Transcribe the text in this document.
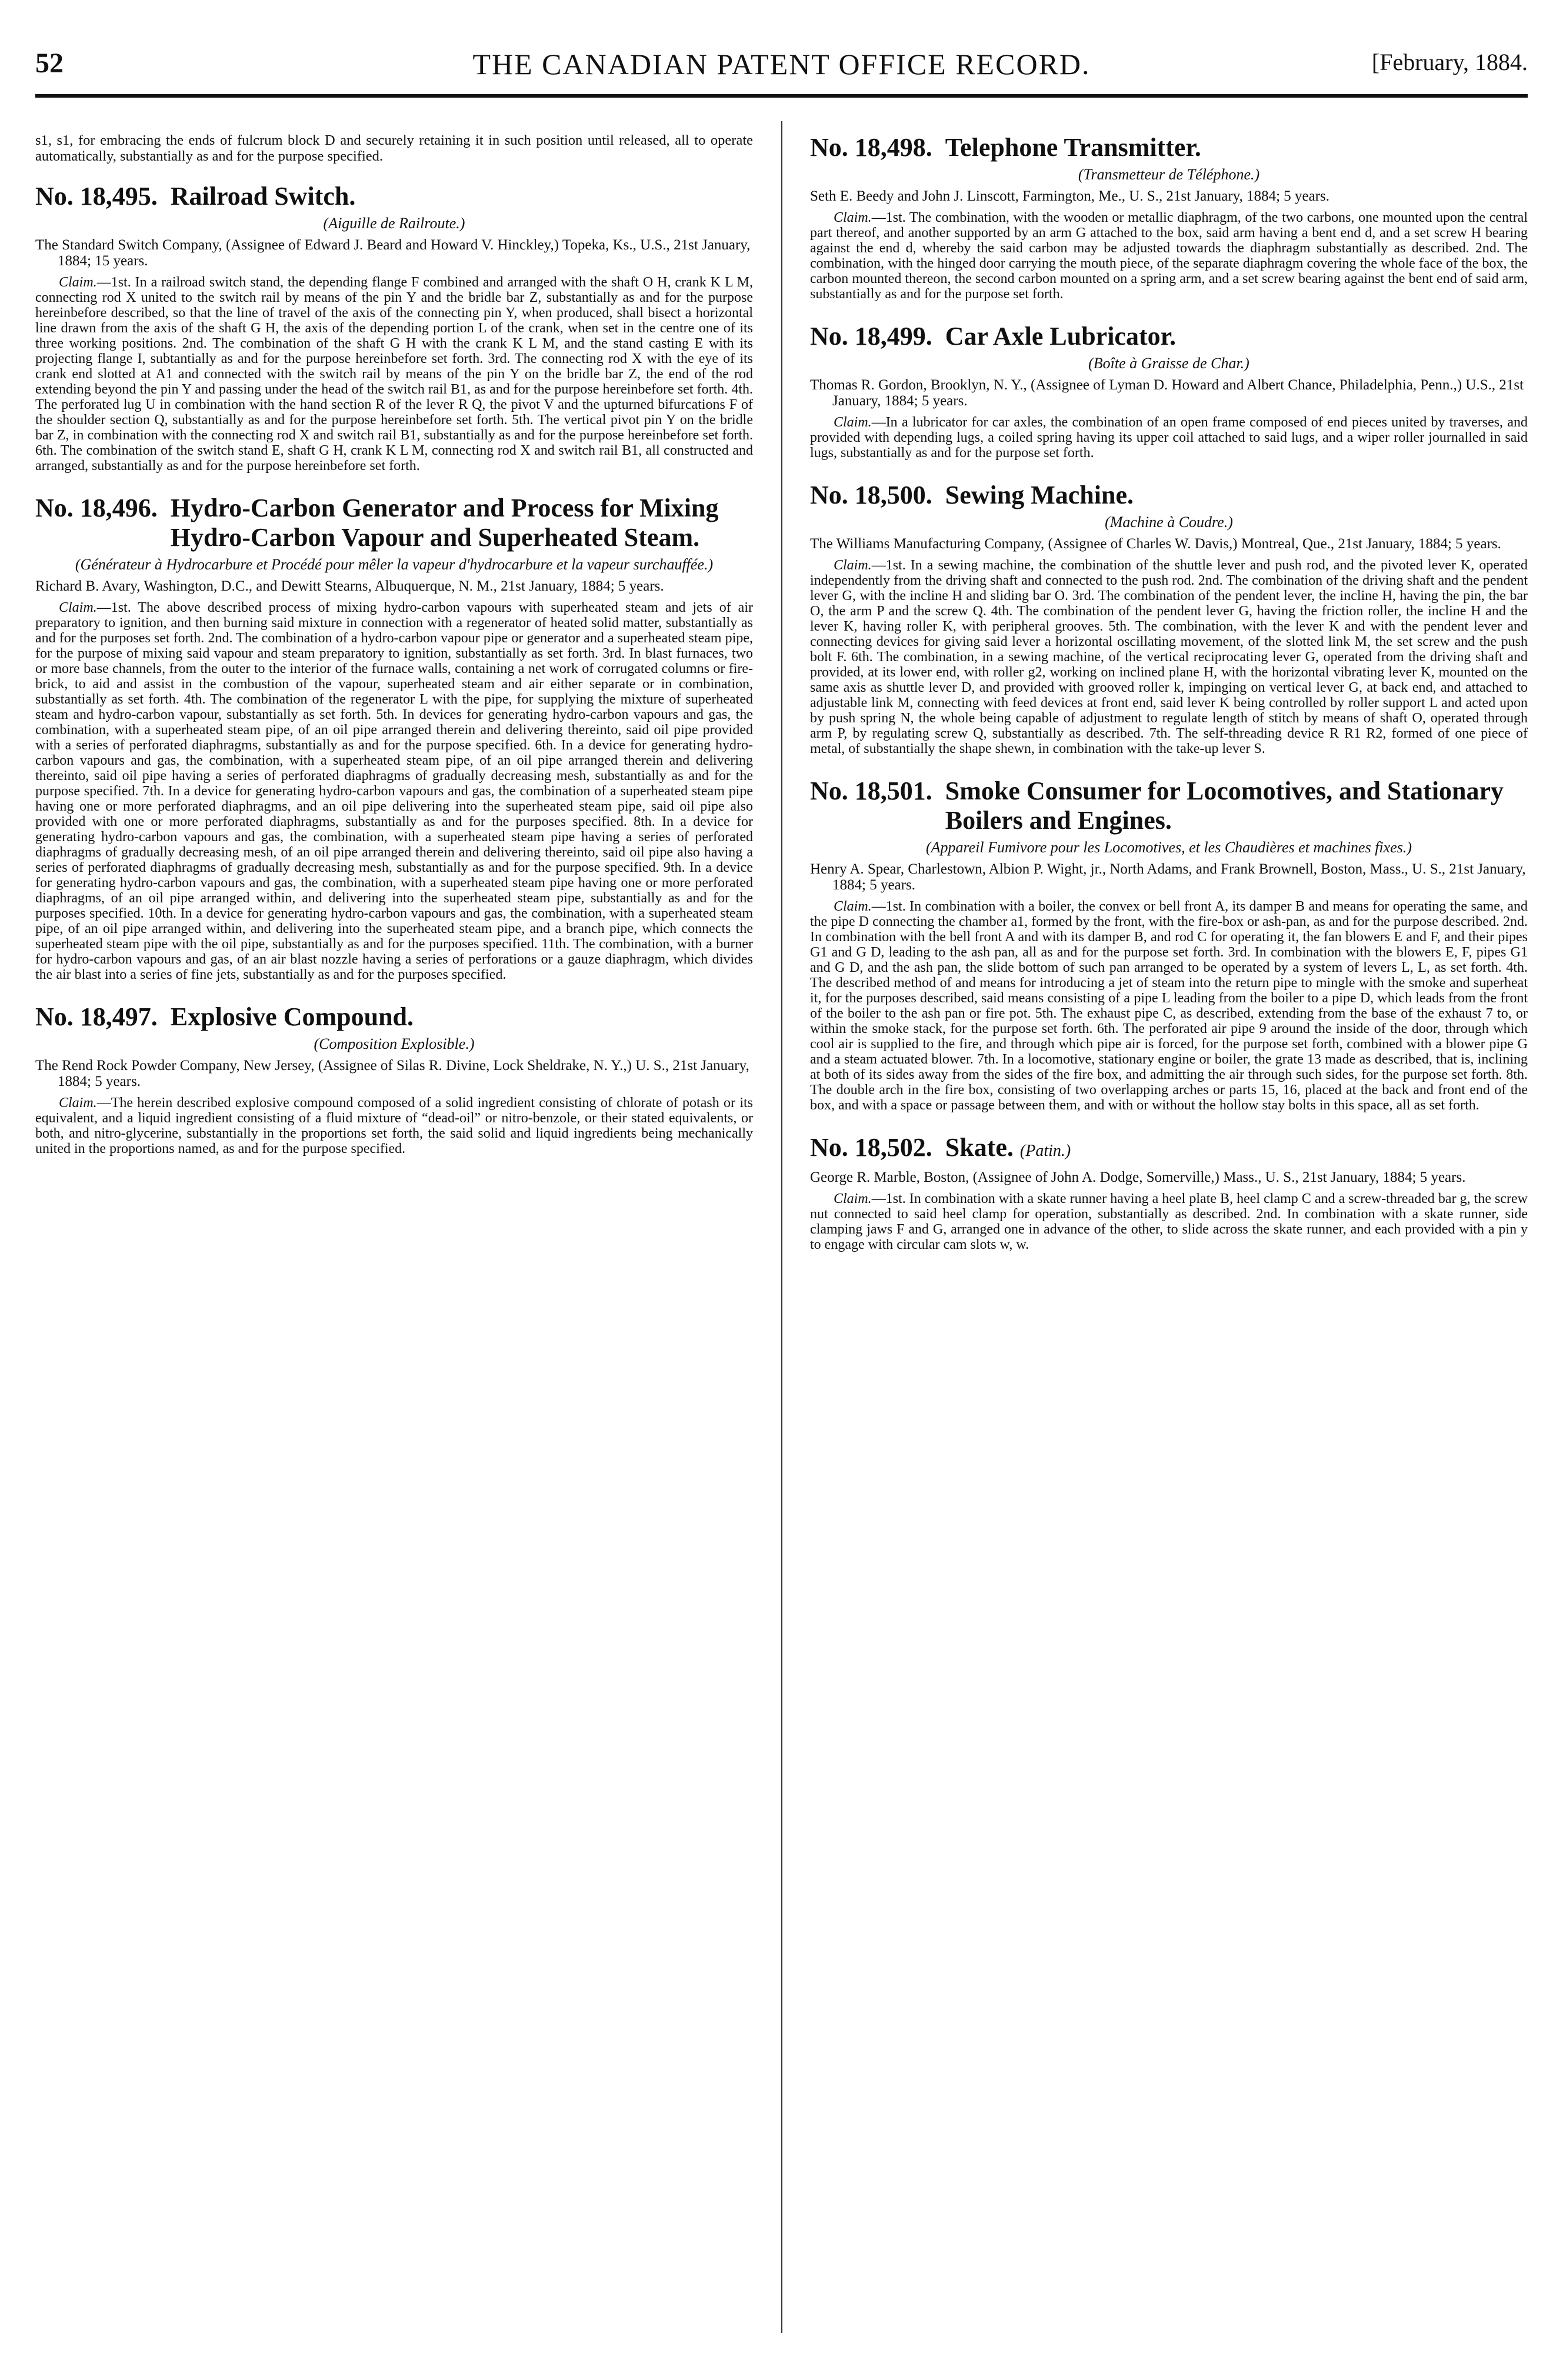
52	THE CANADIAN PATENT OFFICE RECORD.	[February, 1884.

s1, s1, for embracing the ends of fulcrum block D and securely retaining it in such position until released, all to operate automatically, substantially as and for the purpose specified.

No. 18,495. Railroad Switch.
(Aiguille de Railroute.)

The Standard Switch Company, (Assignee of Edward J. Beard and Howard V. Hinckley,) Topeka, Ks., U.S., 21st January, 1884; 15 years.

Claim.—1st. In a railroad switch stand, the depending flange F combined and arranged with the shaft O H, crank K L M, connecting rod X united to the switch rail by means of the pin Y and the bridle bar Z, substantially as and for the purpose hereinbefore described, so that the line of travel of the axis of the connecting pin Y, when produced, shall bisect a horizontal line drawn from the axis of the shaft G H, the axis of the depending portion L of the crank, when set in the centre one of its three working positions. 2nd. The combination of the shaft G H with the crank K L M, and the stand casting E with its projecting flange I, subtantially as and for the purpose hereinbefore set forth. 3rd. The connecting rod X with the eye of its crank end slotted at A1 and connected with the switch rail by means of the pin Y on the bridle bar Z, the end of the rod extending beyond the pin Y and passing under the head of the switch rail B1, as and for the purpose hereinbefore set forth. 4th. The perforated lug U in combination with the hand section R of the lever R Q, the pivot V and the upturned bifurcations F of the shoulder section Q, substantially as and for the purpose hereinbefore set forth. 5th. The vertical pivot pin Y on the bridle bar Z, in combination with the connecting rod X and switch rail B1, substantially as and for the purpose hereinbefore set forth. 6th. The combination of the switch stand E, shaft G H, crank K L M, connecting rod X and switch rail B1, all constructed and arranged, substantially as and for the purpose hereinbefore set forth.

No. 18,496. Hydro-Carbon Generator and Process for Mixing Hydro-Carbon Vapour and Superheated Steam.
(Générateur à Hydrocarbure et Procédé pour mêler la vapeur d'hydrocarbure et la vapeur surchauffée.)

Richard B. Avary, Washington, D.C., and Dewitt Stearns, Albuquerque, N. M., 21st January, 1884; 5 years.

Claim.—1st. The above described process of mixing hydro-carbon vapours with superheated steam and jets of air preparatory to ignition, and then burning said mixture in connection with a regenerator of heated solid matter, substantially as and for the purposes set forth. 2nd. The combination of a hydro-carbon vapour pipe or generator and a superheated steam pipe, for the purpose of mixing said vapour and steam preparatory to ignition, substantially as set forth. 3rd. In blast furnaces, two or more base channels, from the outer to the interior of the furnace walls, containing a net work of corrugated columns or fire-brick, to aid and assist in the combustion of the vapour, superheated steam and air either separate or in combination, substantially as set forth. 4th. The combination of the regenerator L with the pipe, for supplying the mixture of superheated steam and hydro-carbon vapour, substantially as set forth. 5th. In devices for generating hydro-carbon vapours and gas, the combination, with a superheated steam pipe, of an oil pipe arranged therein and delivering thereinto, said oil pipe provided with a series of perforated diaphragms, substantially as and for the purpose specified. 6th. In a device for generating hydro-carbon vapours and gas, the combination, with a superheated steam pipe, of an oil pipe arranged therein and delivering thereinto, said oil pipe having a series of perforated diaphragms of gradually decreasing mesh, substantially as and for the purpose specified. 7th. In a device for generating hydro-carbon vapours and gas, the combination of a superheated steam pipe having one or more perforated diaphragms, and an oil pipe delivering into the superheated steam pipe, said oil pipe also provided with one or more perforated diaphragms, substantially as and for the purposes specified. 8th. In a device for generating hydro-carbon vapours and gas, the combination, with a superheated steam pipe having a series of perforated diaphragms of gradually decreasing mesh, of an oil pipe arranged therein and delivering thereinto, said oil pipe also having a series of perforated diaphragms of gradually decreasing mesh, substantially as and for the purpose specified. 9th. In a device for generating hydro-carbon vapours and gas, the combination, with a superheated steam pipe having one or more perforated diaphragms, of an oil pipe arranged within, and delivering into the superheated steam pipe, substantially as and for the purposes specified. 10th. In a device for generating hydro-carbon vapours and gas, the combination, with a superheated steam pipe, of an oil pipe arranged within, and delivering into the superheated steam pipe, and a branch pipe, which connects the superheated steam pipe with the oil pipe, substantially as and for the purposes specified. 11th. The combination, with a burner for hydro-carbon vapours and gas, of an air blast nozzle having a series of perforations or a gauze diaphragm, which divides the air blast into a series of fine jets, substantially as and for the purposes specified.

No. 18,497. Explosive Compound.
(Composition Explosible.)

The Rend Rock Powder Company, New Jersey, (Assignee of Silas R. Divine, Lock Sheldrake, N. Y.,) U. S., 21st January, 1884; 5 years.

Claim.—The herein described explosive compound composed of a solid ingredient consisting of chlorate of potash or its equivalent, and a liquid ingredient consisting of a fluid mixture of “dead-oil” or nitro-benzole, or their stated equivalents, or both, and nitro-glycerine, substantially in the proportions set forth, the said solid and liquid ingredients being mechanically united in the proportions named, as and for the purpose specified.

No. 18,498. Telephone Transmitter.
(Transmetteur de Téléphone.)

Seth E. Beedy and John J. Linscott, Farmington, Me., U. S., 21st January, 1884; 5 years.

Claim.—1st. The combination, with the wooden or metallic diaphragm, of the two carbons, one mounted upon the central part thereof, and another supported by an arm G attached to the box, said arm having a bent end d, and a set screw H bearing against the end d, whereby the said carbon may be adjusted towards the diaphragm substantially as described. 2nd. The combination, with the hinged door carrying the mouth piece, of the separate diaphragm covering the whole face of the box, the carbon mounted thereon, the second carbon mounted on a spring arm, and a set screw bearing against the bent end of said arm, substantially as and for the purpose set forth.

No. 18,499. Car Axle Lubricator.
(Boîte à Graisse de Char.)

Thomas R. Gordon, Brooklyn, N. Y., (Assignee of Lyman D. Howard and Albert Chance, Philadelphia, Penn.,) U.S., 21st January, 1884; 5 years.

Claim.—In a lubricator for car axles, the combination of an open frame composed of end pieces united by traverses, and provided with depending lugs, a coiled spring having its upper coil attached to said lugs, and a wiper roller journalled in said lugs, substantially as and for the purpose set forth.

No. 18,500. Sewing Machine.
(Machine à Coudre.)

The Williams Manufacturing Company, (Assignee of Charles W. Davis,) Montreal, Que., 21st January, 1884; 5 years.

Claim.—1st. In a sewing machine, the combination of the shuttle lever and push rod, and the pivoted lever K, operated independently from the driving shaft and connected to the push rod. 2nd. The combination of the driving shaft and the pendent lever G, with the incline H and sliding bar O. 3rd. The combination of the pendent lever, the incline H, having the pin, the bar O, the arm P and the screw Q. 4th. The combination of the pendent lever G, having the friction roller, the incline H and the lever K, having roller K, with peripheral grooves. 5th. The combination, with the lever K and with the pendent lever and connecting devices for giving said lever a horizontal oscillating movement, of the slotted link M, the set screw and the push bolt F. 6th. The combination, in a sewing machine, of the vertical reciprocating lever G, operated from the driving shaft and provided, at its lower end, with roller g2, working on inclined plane H, with the horizontal vibrating lever K, mounted on the same axis as shuttle lever D, and provided with grooved roller k, impinging on vertical lever G, at back end, and attached to adjustable link M, connecting with feed devices at front end, said lever K being controlled by roller support L and acted upon by push spring N, the whole being capable of adjustment to regulate length of stitch by means of shaft O, operated through arm P, by regulating screw Q, substantially as described. 7th. The self-threading device R R1 R2, formed of one piece of metal, of substantially the shape shewn, in combination with the take-up lever S.

No. 18,501. Smoke Consumer for Locomotives, and Stationary Boilers and Engines.
(Appareil Fumivore pour les Locomotives, et les Chaudières et machines fixes.)

Henry A. Spear, Charlestown, Albion P. Wight, jr., North Adams, and Frank Brownell, Boston, Mass., U. S., 21st January, 1884; 5 years.

Claim.—1st. In combination with a boiler, the convex or bell front A, its damper B and means for operating the same, and the pipe D connecting the chamber a1, formed by the front, with the fire-box or ash-pan, as and for the purpose described. 2nd. In combination with the bell front A and with its damper B, and rod C for operating it, the fan blowers E and F, and their pipes G1 and G D, leading to the ash pan, all as and for the purpose set forth. 3rd. In combination with the blowers E, F, pipes G1 and G D, and the ash pan, the slide bottom of such pan arranged to be operated by a system of levers L, L, as set forth. 4th. The described method of and means for introducing a jet of steam into the return pipe to mingle with the smoke and superheat it, for the purposes described, said means consisting of a pipe L leading from the boiler to a pipe D, which leads from the front of the boiler to the ash pan or fire pot. 5th. The exhaust pipe C, as described, extending from the base of the exhaust 7 to, or within the smoke stack, for the purpose set forth. 6th. The perforated air pipe 9 around the inside of the door, through which cool air is supplied to the fire, and through which pipe air is forced, for the purpose set forth, combined with a blower pipe G and a steam actuated blower. 7th. In a locomotive, stationary engine or boiler, the grate 13 made as described, that is, inclining at both of its sides away from the sides of the fire box, and admitting the air through such sides, for the purpose set forth. 8th. The double arch in the fire box, consisting of two overlapping arches or parts 15, 16, placed at the back and front end of the box, and with a space or passage between them, and with or without the hollow stay bolts in this space, all as set forth.

No. 18,502. Skate. (Patin.)

George R. Marble, Boston, (Assignee of John A. Dodge, Somerville,) Mass., U. S., 21st January, 1884; 5 years.

Claim.—1st. In combination with a skate runner having a heel plate B, heel clamp C and a screw-threaded bar g, the screw nut connected to said heel clamp for operation, substantially as described. 2nd. In combination with a skate runner, side clamping jaws F and G, arranged one in advance of the other, to slide across the skate runner, and each provided with a pin y to engage with circular cam slots w, w.
